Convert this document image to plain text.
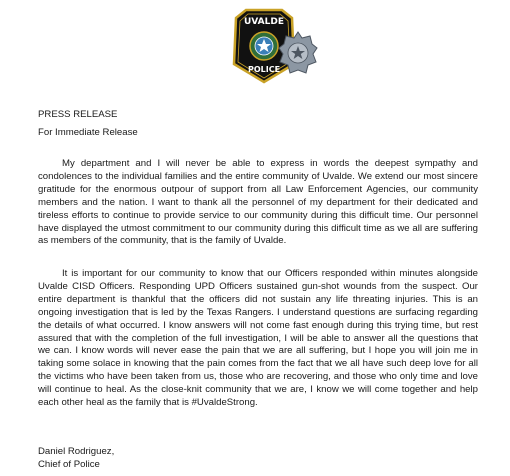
UVALDE
POLICE
PRESS RELEASE
For Immediate Release

My department and I will never be able to express in words the deepest sympathy and condolences to the individual families and the entire community of Uvalde. We extend our most sincere gratitude for the enormous outpour of support from all Law Enforcement Agencies, our community members and the nation. I want to thank all the personnel of my department for their dedicated and tireless efforts to continue to provide service to our community during this difficult time. Our personnel have displayed the utmost commitment to our community during this difficult time as we all are suffering as members of the community, that is the family of Uvalde.

It is important for our community to know that our Officers responded within minutes alongside Uvalde CISD Officers. Responding UPD Officers sustained gun-shot wounds from the suspect. Our entire department is thankful that the officers did not sustain any life threating injuries. This is an ongoing investigation that is led by the Texas Rangers. I understand questions are surfacing regarding the details of what occurred. I know answers will not come fast enough during this trying time, but rest assured that with the completion of the full investigation, I will be able to answer all the questions that we can. I know words will never ease the pain that we are all suffering, but I hope you will join me in taking some solace in knowing that the pain comes from the fact that we all have such deep love for all the victims who have been taken from us, those who are recovering, and those who only time and love will continue to heal. As the close-knit community that we are, I know we will come together and help each other heal as the family that is #UvaldeStrong.

Daniel Rodriguez,
Chief of Police
